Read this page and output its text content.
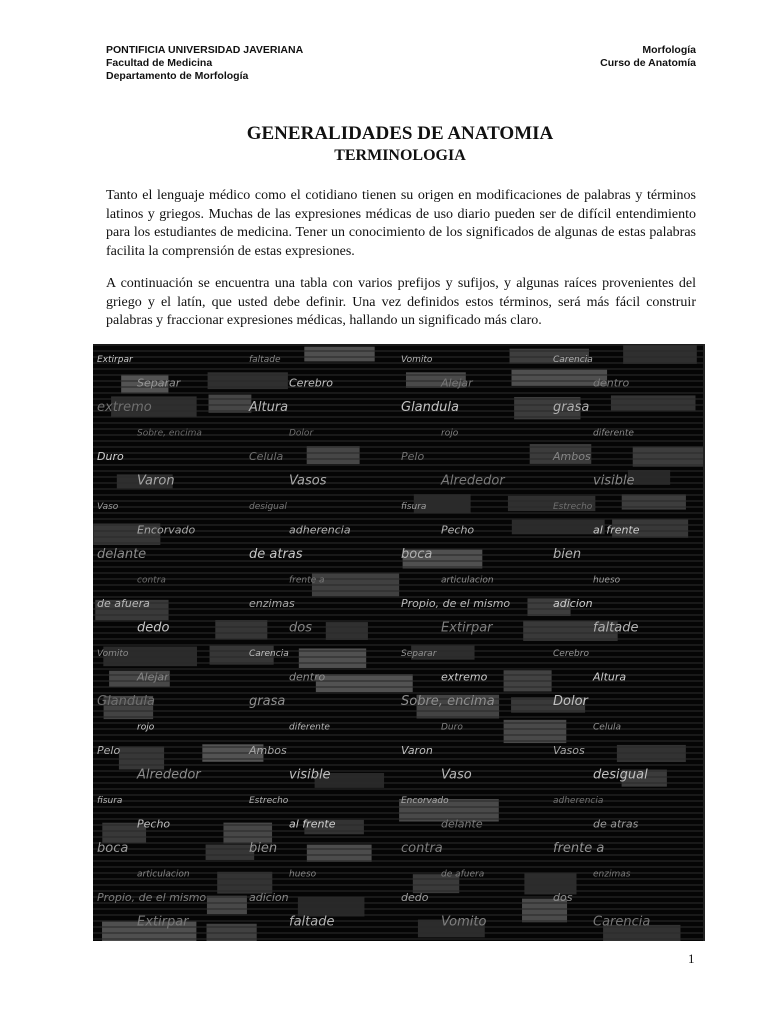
PONTIFICIA UNIVERSIDAD JAVERIANA
Facultad de Medicina
Departamento de Morfología
Morfología
Curso de Anatomía
GENERALIDADES DE ANATOMIA
TERMINOLOGIA
Tanto el lenguaje médico como el cotidiano tienen su origen en modificaciones de palabras y términos latinos y griegos. Muchas de las expresiones médicas de uso diario pueden ser de difícil entendimiento para los estudiantes de medicina. Tener un conocimiento de los significados de algunas de estas palabras facilita la comprensión de estas expresiones.
A continuación se encuentra una tabla con varios prefijos y sufijos, y algunas raíces provenientes del griego y el latín, que usted debe definir. Una vez definidos estos términos, será más fácil construir palabras y fraccionar expresiones médicas, hallando un significado más claro.
Extirpar	faltade	Vomito	Carencia
Separar	Cerebro	Alejar	dentro
extremo	Altura	Glandula	grasa
Sobre, encima	Dolor	rojo	diferente
Duro	Celula	Pelo	Ambos
Varon	Vasos	Alrededor	visible
Vaso	desigual	fisura	Estrecho
Encorvado	adherencia	Pecho	al frente
delante	de atras	boca	bien
contra	frente a	articulacion	hueso
de afuera	enzimas	Propio, de el mismo	adicion
dedo	dos	Extirpar	faltade
Vomito	Carencia	Separar	Cerebro
Alejar	dentro	extremo	Altura
Glandula	grasa	Sobre, encima	Dolor
rojo	diferente	Duro	Celula
Pelo	Ambos	Varon	Vasos
Alrededor	visible	Vaso	desigual
fisura	Estrecho	Encorvado	adherencia
Pecho	al frente	delante	de atras
boca	bien	contra	frente a
articulacion	hueso	de afuera	enzimas
Propio, de el mismo	adicion	dedo	dos
Extirpar	faltade	Vomito	Carencia
1
